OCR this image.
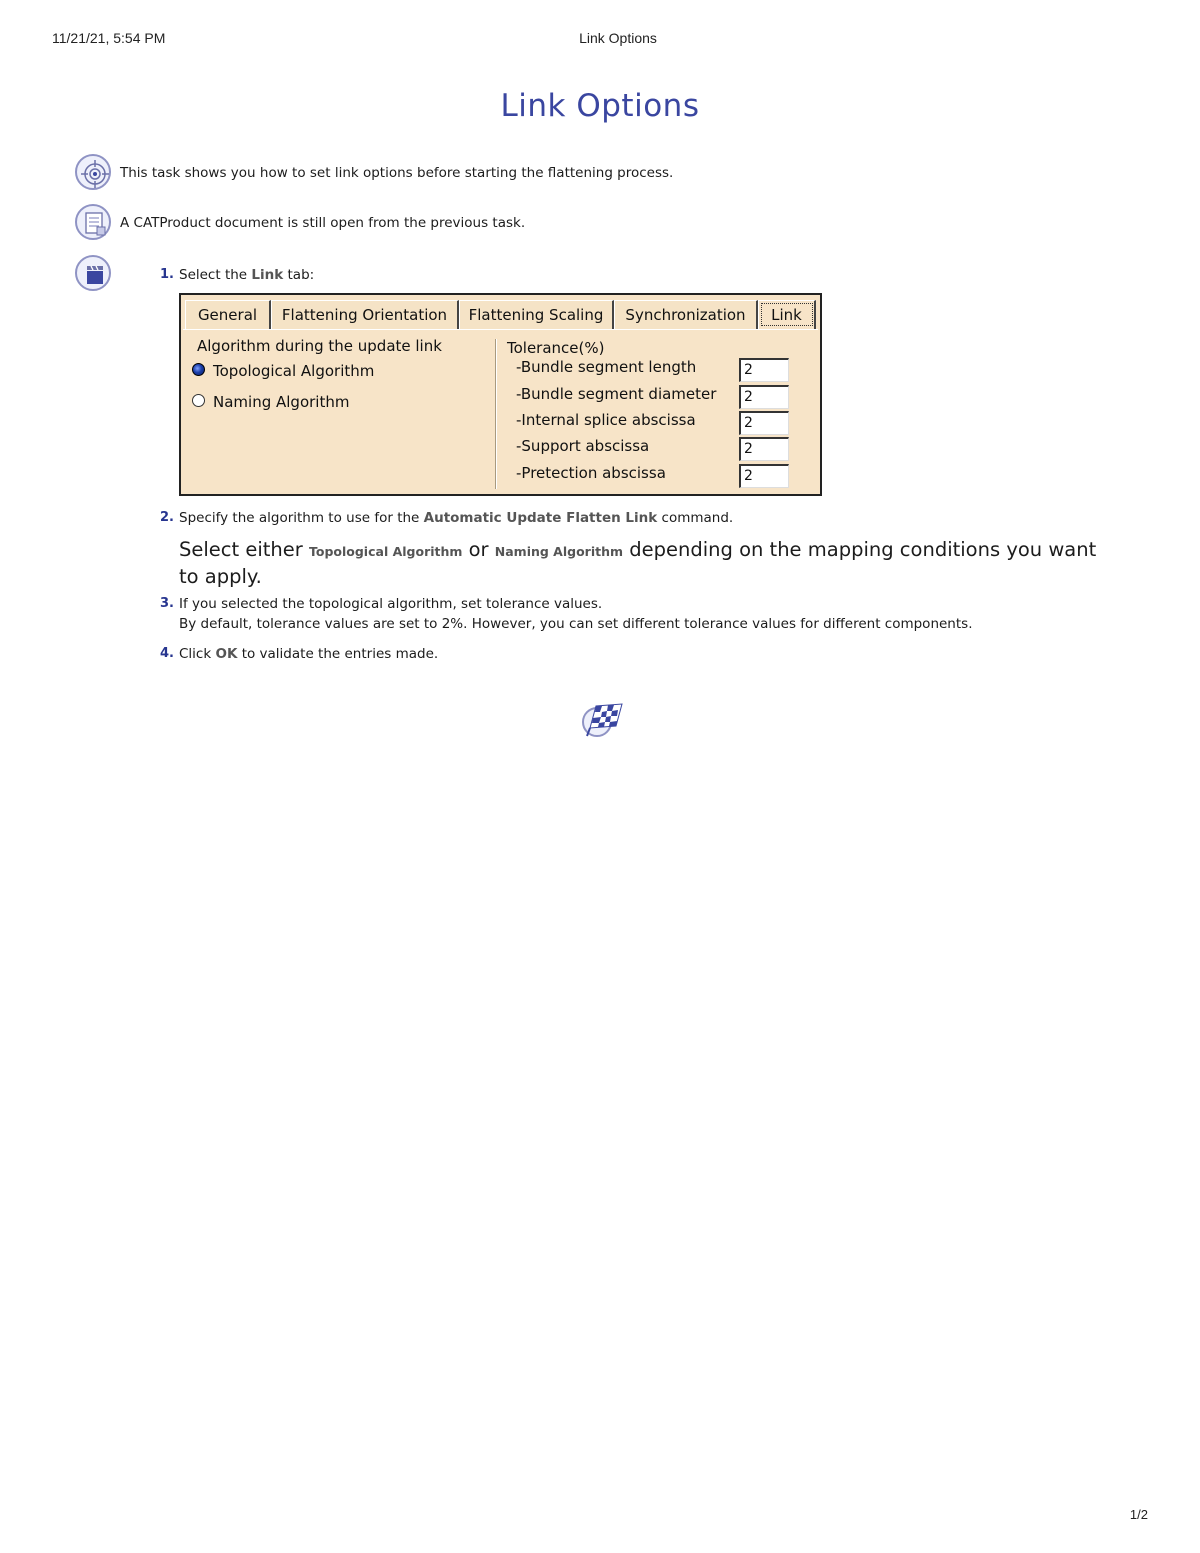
11/21/21, 5:54 PM	Link Options
1/2
Link Options
This task shows you how to set link options before starting the flattening process.
A CATProduct document is still open from the previous task.
1. Select the Link tab:
General	Flattening Orientation	Flattening Scaling	Synchronization	Link
Algorithm during the update link
Topological Algorithm
Naming Algorithm
Tolerance(%)
-Bundle segment length	2
-Bundle segment diameter	2
-Internal splice abscissa	2
-Support abscissa	2
-Pretection abscissa	2
2. Specify the algorithm to use for the Automatic Update Flatten Link command.
Select either Topological Algorithm or Naming Algorithm depending on the mapping conditions you want to apply.
3. If you selected the topological algorithm, set tolerance values.
By default, tolerance values are set to 2%. However, you can set different tolerance values for different components.
4. Click OK to validate the entries made.
